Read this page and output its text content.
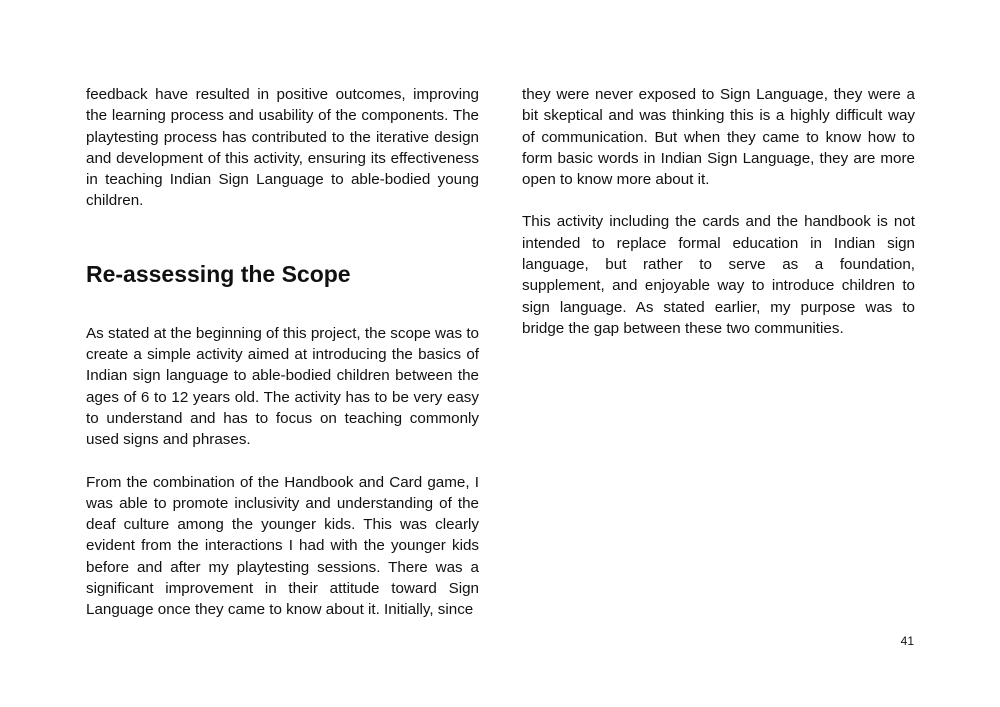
feedback have resulted in positive outcomes, improving the learning process and usability of the components. The playtesting process has contributed to the iterative design and development of this activity, ensuring its effectiveness in teaching Indian Sign Language to able-bodied young children.

Re-assessing the Scope

As stated at the beginning of this project, the scope was to create a simple activity aimed at introducing the basics of Indian sign language to able-bodied children between the ages of 6 to 12 years old. The activity has to be very easy to understand and has to focus on teaching commonly used signs and phrases.

From the combination of the Handbook and Card game, I was able to promote inclusivity and understanding of the deaf culture among the younger kids. This was clearly evident from the interactions I had with the younger kids before and after my playtesting sessions. There was a significant improvement in their attitude toward Sign Language once they came to know about it. Initially, since

they were never exposed to Sign Language, they were a bit skeptical and was thinking this is a highly difficult way of communication. But when they came to know how to form basic words in Indian Sign Language, they are more open to know more about it.

This activity including the cards and the handbook is not intended to replace formal education in Indian sign language, but rather to serve as a foundation, supplement, and enjoyable way to introduce children to sign language. As stated earlier, my purpose was to bridge the gap between these two communities.

41
